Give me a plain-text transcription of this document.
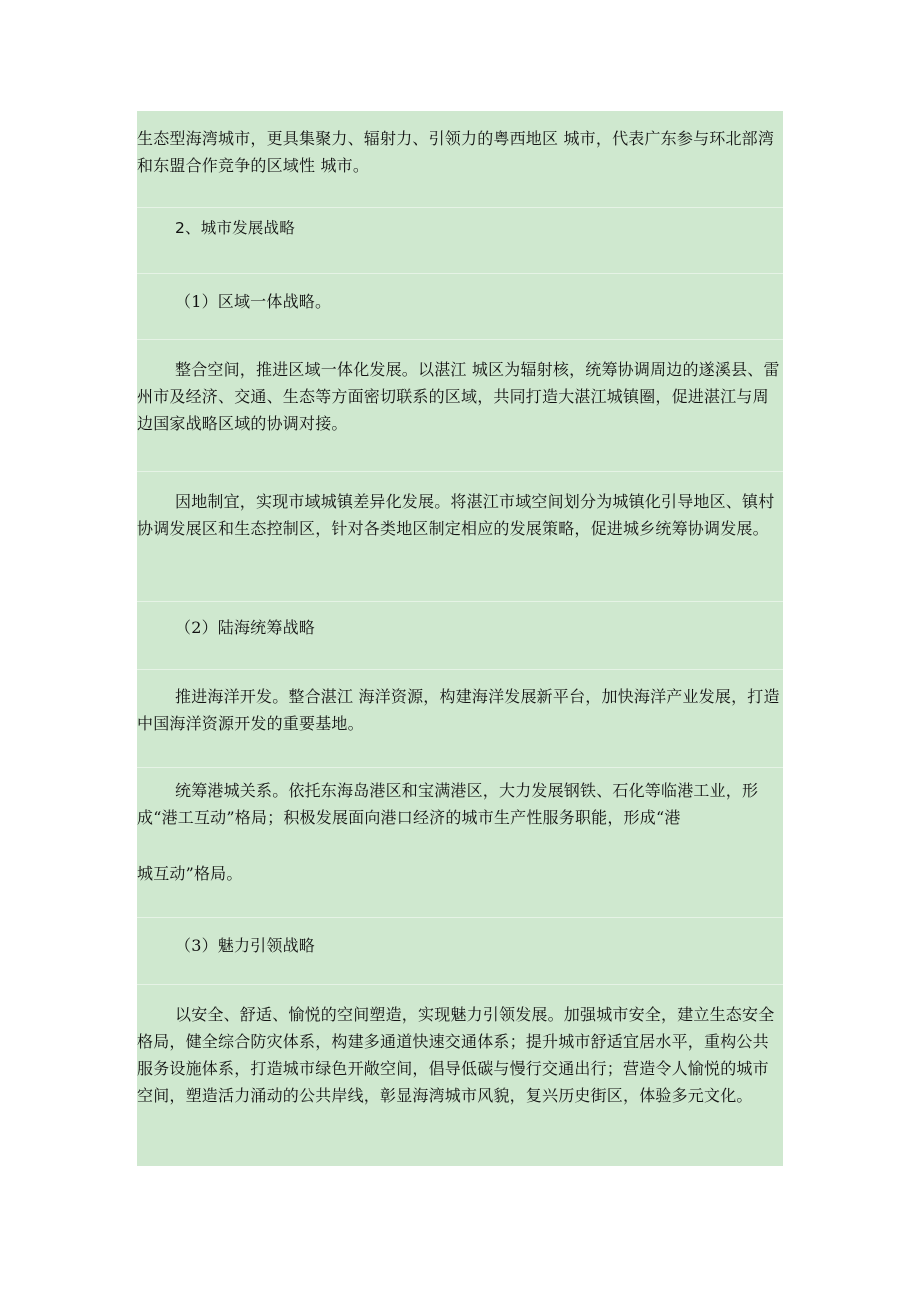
生态型海湾城市，更具集聚力、辐射力、引领力的粤西地区 城市，代表广东参与环北部湾和东盟合作竞争的区域性 城市。

2、城市发展战略

（1）区域一体战略。

整合空间，推进区域一体化发展。以湛江 城区为辐射核，统筹协调周边的遂溪县、雷州市及经济、交通、生态等方面密切联系的区域，共同打造大湛江城镇圈，促进湛江与周边国家战略区域的协调对接。

因地制宜，实现市域城镇差异化发展。将湛江市域空间划分为城镇化引导地区、镇村协调发展区和生态控制区，针对各类地区制定相应的发展策略，促进城乡统筹协调发展。

（2）陆海统筹战略

推进海洋开发。整合湛江 海洋资源，构建海洋发展新平台，加快海洋产业发展，打造中国海洋资源开发的重要基地。

统筹港城关系。依托东海岛港区和宝满港区，大力发展钢铁、石化等临港工业，形成“港工互动”格局；积极发展面向港口经济的城市生产性服务职能，形成“港

城互动”格局。

（3）魅力引领战略

以安全、舒适、愉悦的空间塑造，实现魅力引领发展。加强城市安全，建立生态安全格局，健全综合防灾体系，构建多通道快速交通体系；提升城市舒适宜居水平，重构公共服务设施体系，打造城市绿色开敞空间，倡导低碳与慢行交通出行；营造令人愉悦的城市空间，塑造活力涌动的公共岸线，彰显海湾城市风貌，复兴历史街区，体验多元文化。
